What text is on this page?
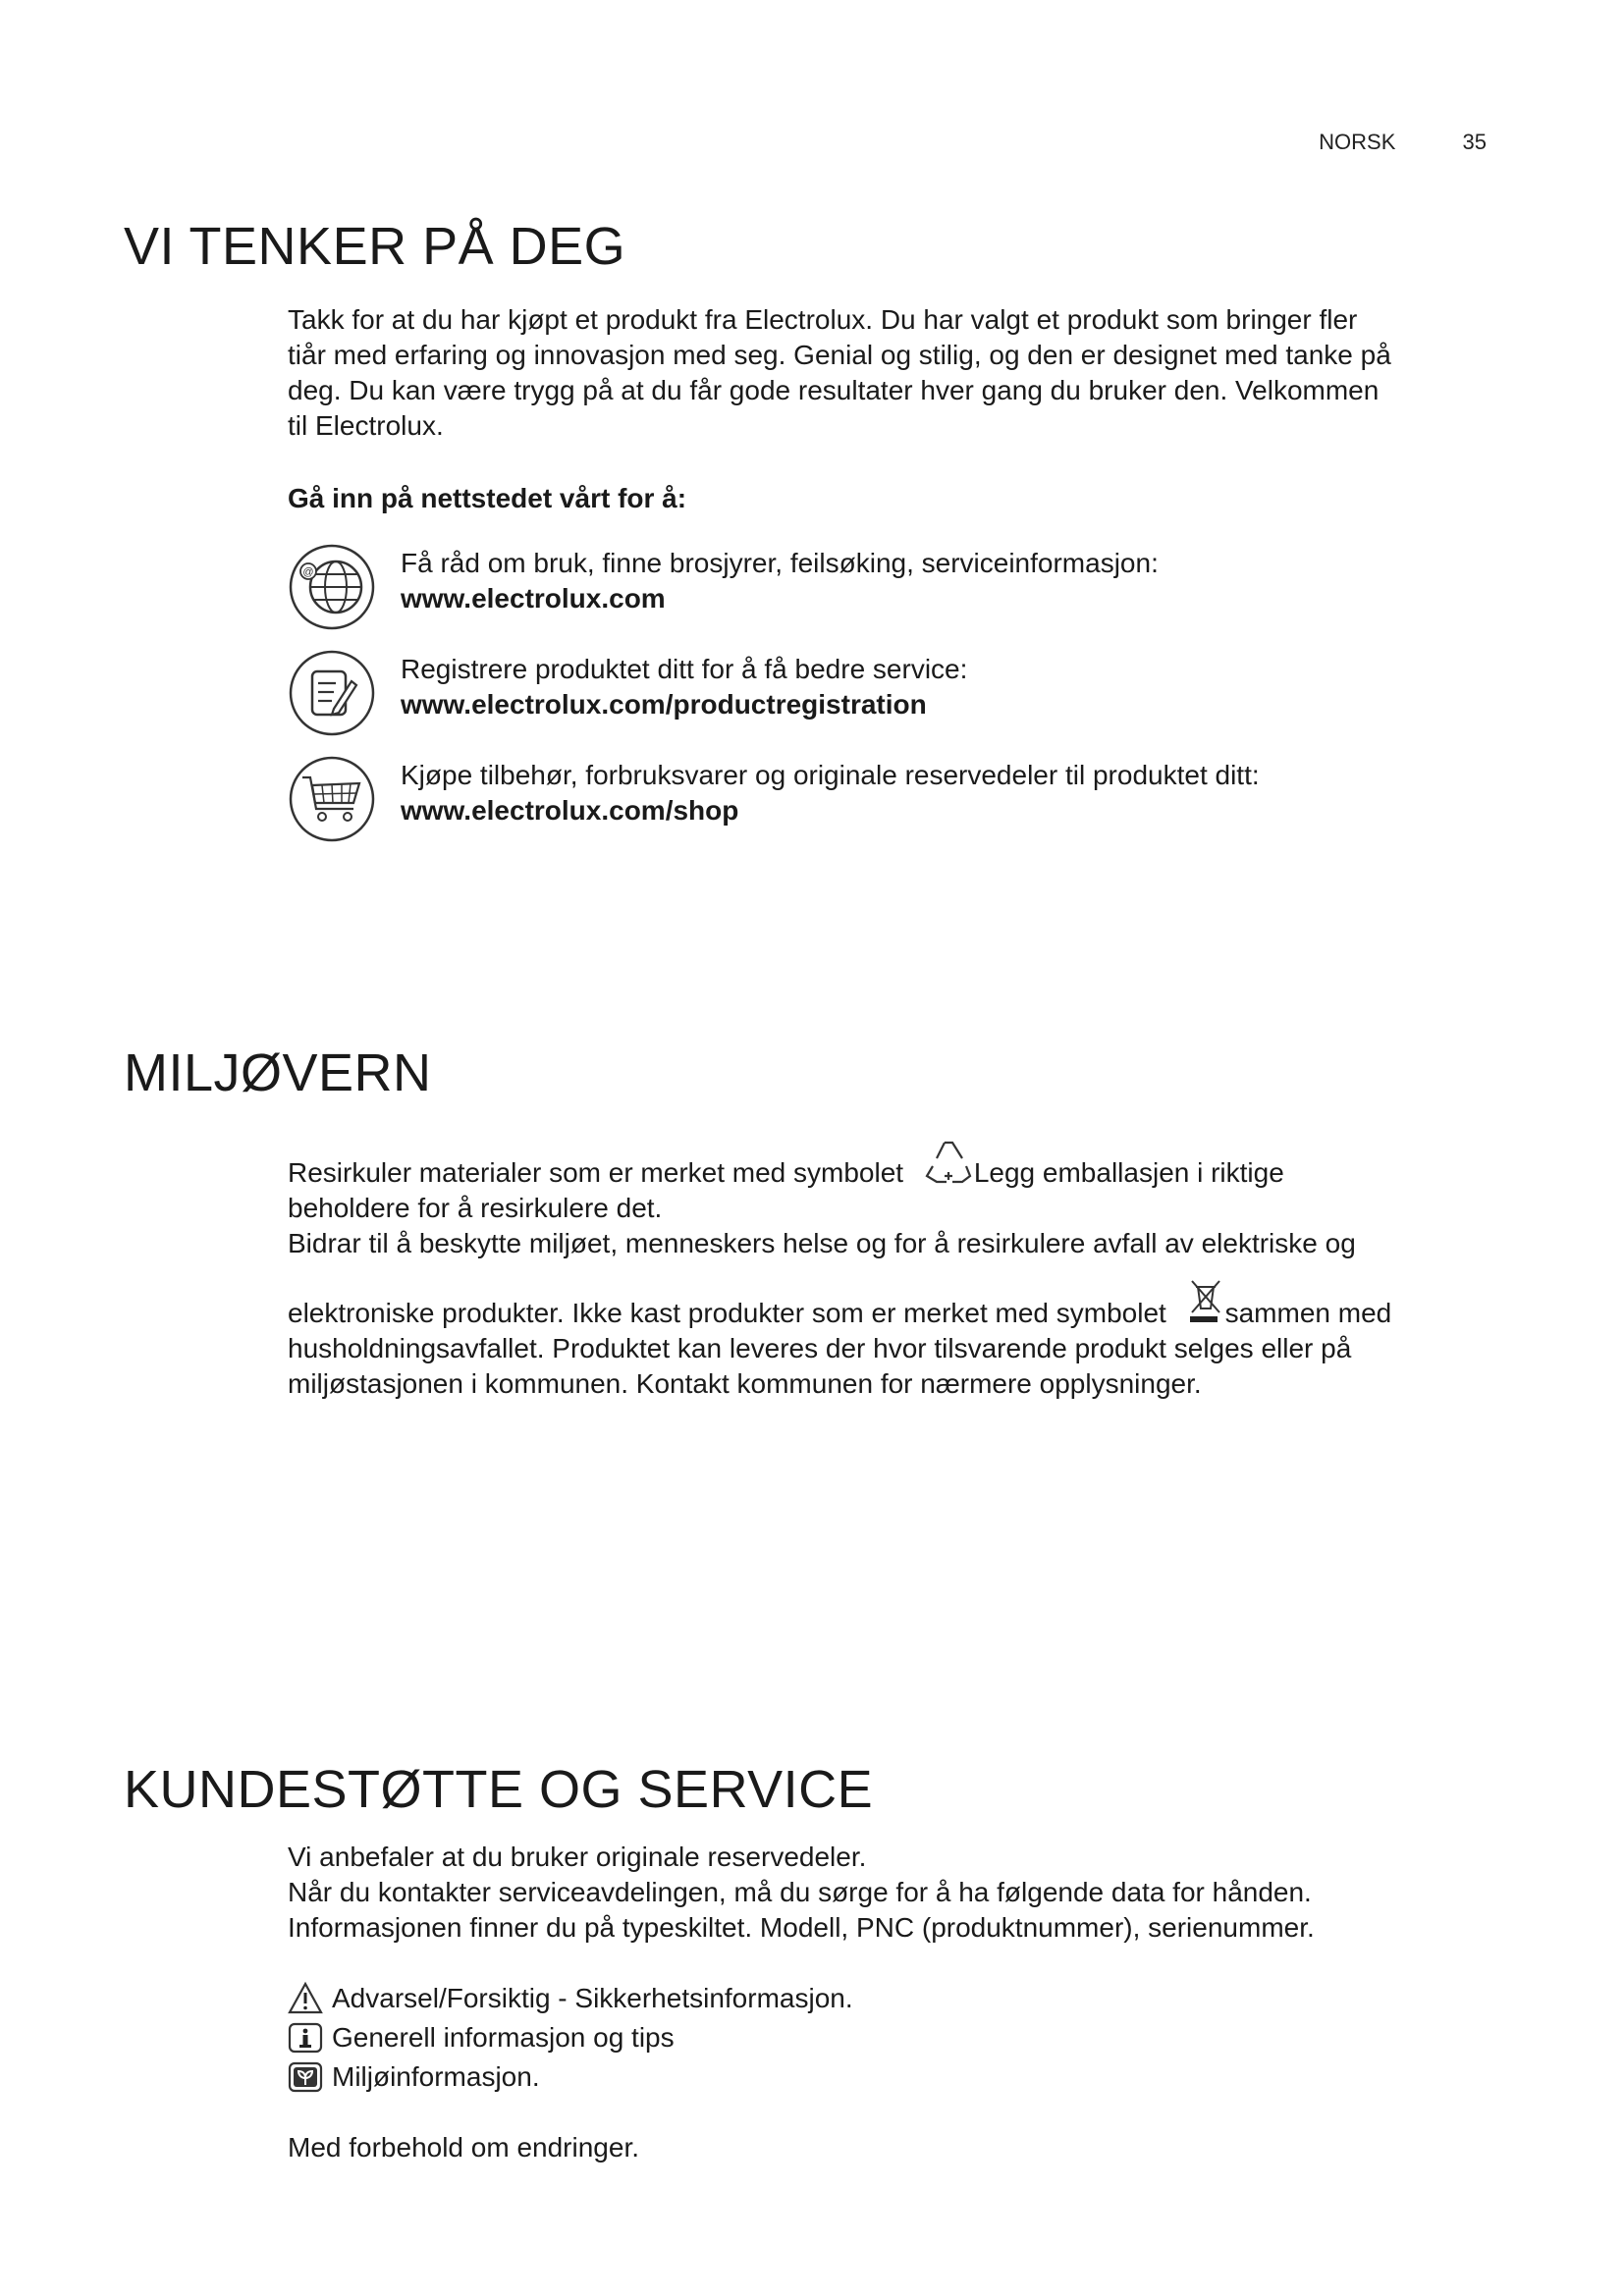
NORSK	35
VI TENKER PÅ DEG

Takk for at du har kjøpt et produkt fra Electrolux. Du har valgt et produkt som bringer fler

tiår med erfaring og innovasjon med seg. Genial og stilig, og den er designet med tanke på

deg. Du kan være trygg på at du får gode resultater hver gang du bruker den. Velkommen

til Electrolux.

Gå inn på nettstedet vårt for å:
@	Få råd om bruk, finne brosjyrer, feilsøking, serviceinformasjon:
www.electrolux.com
Registrere produktet ditt for å få bedre service:
www.electrolux.com/productregistration
Kjøpe tilbehør, forbruksvarer og originale reservedeler til produktet ditt:
www.electrolux.com/shop
MILJØVERN

Resirkuler materialer som er merket med symbolet	Legg emballasjen i riktige

beholdere for å resirkulere det.

Bidrar til å beskytte miljøet, menneskers helse og for å resirkulere avfall av elektriske og

elektroniske produkter. Ikke kast produkter som er merket med symbolet sammen med

husholdningsavfallet. Produktet kan leveres der hvor tilsvarende produkt selges eller på

miljøstasjonen i kommunen. Kontakt kommunen for nærmere opplysninger.

KUNDESTØTTE OG SERVICE

Vi anbefaler at du bruker originale reservedeler.

Når du kontakter serviceavdelingen, må du sørge for å ha følgende data for hånden.

Informasjonen finner du på typeskiltet. Modell, PNC (produktnummer), serienummer.

Advarsel/Forsiktig - Sikkerhetsinformasjon.
Generell informasjon og tips
Miljøinformasjon.
Med forbehold om endringer.
